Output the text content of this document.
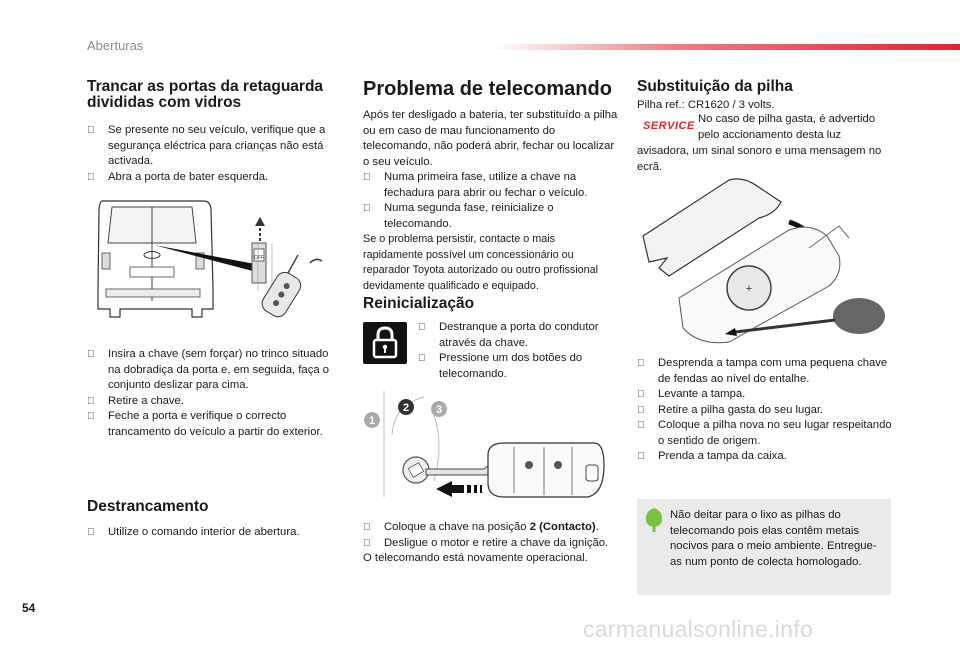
Aberturas
Trancar as portas da retaguarda
divididas com vidros
Se presente no seu veículo, verifique que a segurança eléctrica para crianças não está activada.
Abra a porta de bater esquerda.
OFF
Insira a chave (sem forçar) no trinco situado na dobradiça da porta e, em seguida, faça o conjunto deslizar para cima.
Retire a chave.
Feche a porta e verifique o correcto trancamento do veículo a partir do exterior.
Destrancamento
Utilize o comando interior de abertura.
Problema de telecomando

Após ter desligado a bateria, ter substituído a pilha ou em caso de mau funcionamento do telecomando, não poderá abrir, fechar ou localizar o seu veículo.

Numa primeira fase, utilize a chave na fechadura para abrir ou fechar o veículo.
Numa segunda fase, reinicialize o telecomando.

Se o problema persistir, contacte o mais rapidamente possível um concessionário ou reparador Toyota autorizado ou outro profissional devidamente qualificado e equipado.

Reinicialização
Destranque a porta do condutor através da chave.
Pressione um dos botões do telecomando.
1
2 3
Coloque a chave na posição 2 (Contacto).
Desligue o motor e retire a chave da ignição.

O telecomando está novamente operacional.

Substituição da pilha

Pilha ref.: CR1620 / 3 volts.

SERVICE

No caso de pilha gasta, é advertido pelo accionamento desta luz

avisadora, um sinal sonoro e uma mensagem no ecrã.

+
Desprenda a tampa com uma pequena chave de fendas ao nível do entalhe.
Levante a tampa.
Retire a pilha gasta do seu lugar.
Coloque a pilha nova no seu lugar respeitando o sentido de origem.
Prenda a tampa da caixa.
Não deitar para o lixo as pilhas do telecomando pois elas contêm metais nocivos para o meio ambiente. Entregue-as num ponto de colecta homologado.
54
carmanualsonline.info
